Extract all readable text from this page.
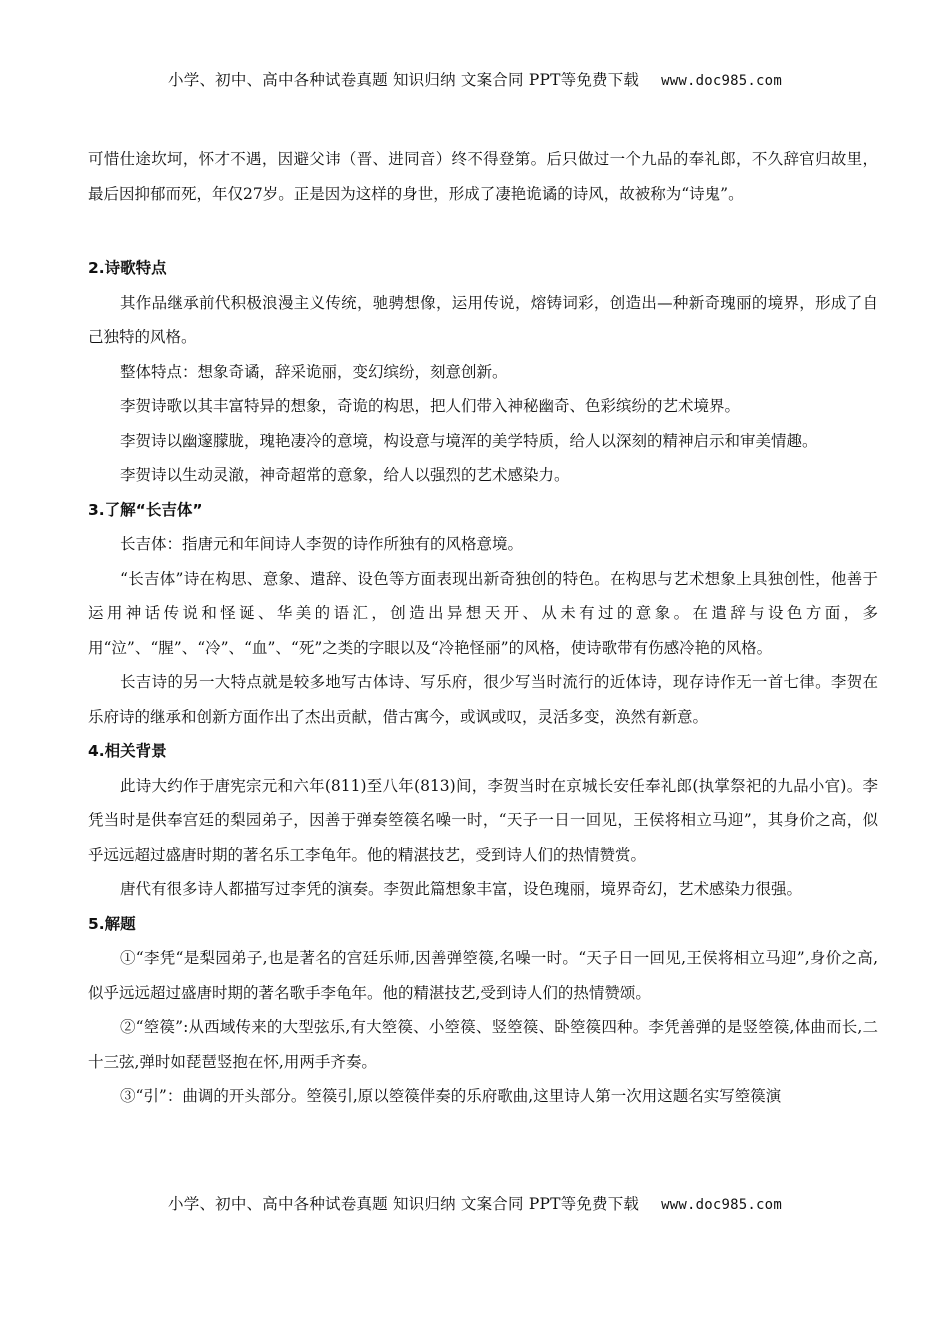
小学、初中、高中各种试卷真题 知识归纳 文案合同 PPT等免费下载 www.doc985.com

可惜仕途坎坷，怀才不遇，因避父讳（晋、进同音）终不得登第。后只做过一个九品的奉礼郎，不久辞官归故里，最后因抑郁而死，年仅27岁。正是因为这样的身世，形成了凄艳诡谲的诗风，故被称为“诗鬼”。

2.诗歌特点

其作品继承前代积极浪漫主义传统，驰骋想像，运用传说，熔铸词彩，创造出—种新奇瑰丽的境界，形成了自己独特的风格。

整体特点：想象奇谲，辞采诡丽，变幻缤纷，刻意创新。

李贺诗歌以其丰富特异的想象，奇诡的构思，把人们带入神秘幽奇、色彩缤纷的艺术境界。

李贺诗以幽邃朦胧，瑰艳凄冷的意境，构设意与境浑的美学特质，给人以深刻的精神启示和审美情趣。

李贺诗以生动灵澈，神奇超常的意象，给人以强烈的艺术感染力。

3.了解“长吉体”

长吉体：指唐元和年间诗人李贺的诗作所独有的风格意境。

“长吉体”诗在构思、意象、遣辞、设色等方面表现出新奇独创的特色。在构思与艺术想象上具独创性，他善于运用神话传说和怪诞、华美的语汇，创造出异想天开、从未有过的意象。在遣辞与设色方面，多用“泣”、“腥”、“冷”、“血”、“死”之类的字眼以及“冷艳怪丽”的风格，使诗歌带有伤感冷艳的风格。

长吉诗的另一大特点就是较多地写古体诗、写乐府，很少写当时流行的近体诗，现存诗作无一首七律。李贺在乐府诗的继承和创新方面作出了杰出贡献，借古寓今，或讽或叹，灵活多变，涣然有新意。

4.相关背景

此诗大约作于唐宪宗元和六年(811)至八年(813)间，李贺当时在京城长安任奉礼郎(执掌祭祀的九品小官)。李凭当时是供奉宫廷的梨园弟子，因善于弹奏箜篌名噪一时，“天子一日一回见，王侯将相立马迎”，其身价之高，似乎远远超过盛唐时期的著名乐工李龟年。他的精湛技艺，受到诗人们的热情赞赏。

唐代有很多诗人都描写过李凭的演奏。李贺此篇想象丰富，设色瑰丽，境界奇幻，艺术感染力很强。

5.解题

①“李凭“是梨园弟子,也是著名的宫廷乐师,因善弹箜篌,名噪一时。“天子日一回见,王侯将相立马迎”,身价之高,似乎远远超过盛唐时期的著名歌手李龟年。他的精湛技艺,受到诗人们的热情赞颂。

②“箜篌”:从西域传来的大型弦乐,有大箜篌、小箜篌、竖箜篌、卧箜篌四种。李凭善弹的是竖箜篌,体曲而长,二十三弦,弹时如琵琶竖抱在怀,用两手齐奏。

③“引”：曲调的开头部分。箜篌引,原以箜篌伴奏的乐府歌曲,这里诗人第一次用这题名实写箜篌演

小学、初中、高中各种试卷真题 知识归纳 文案合同 PPT等免费下载 www.doc985.com
